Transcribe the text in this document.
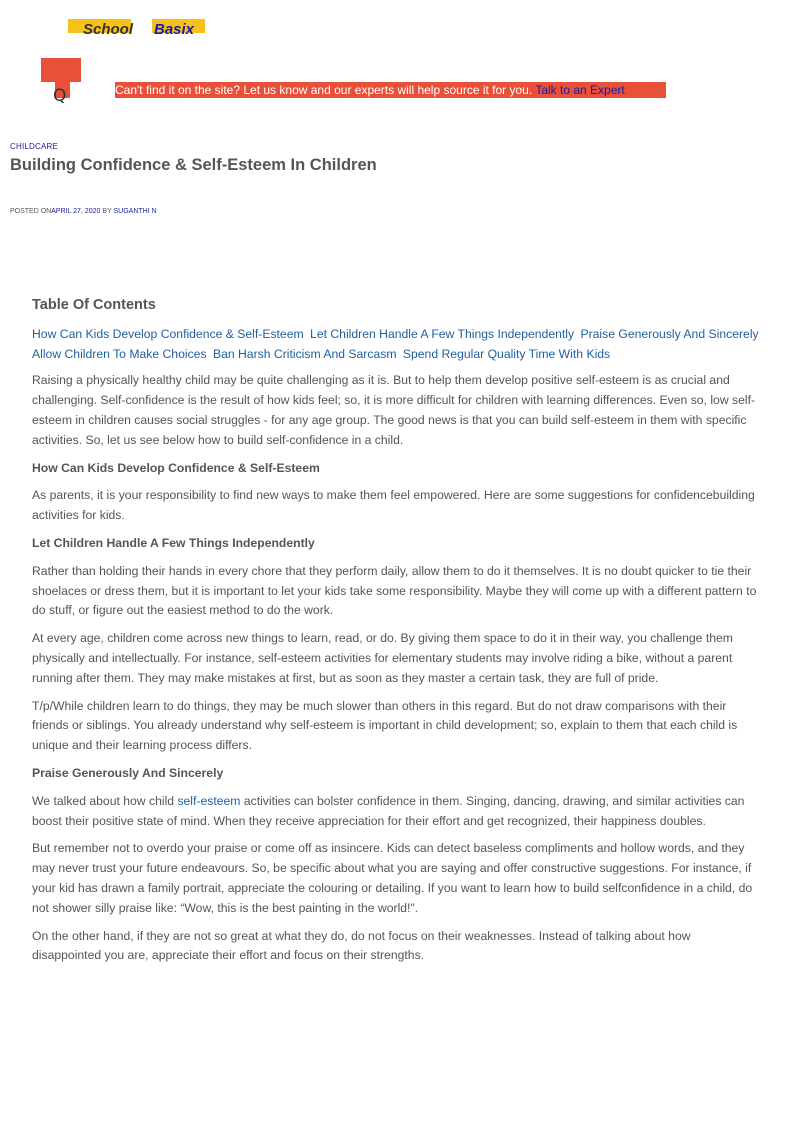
School Basix
Q	Can't find it on the site? Let us know and our experts will help source it for you. Talk to an Expert
CHILDCARE
Building Confidence & Self-Esteem In Children
POSTED ONAPRIL 27, 2020 BY SUGANTHI N
Table Of Contents
How Can Kids Develop Confidence & Self-Esteem Let Children Handle A Few Things Independently Praise Generously And Sincerely Allow Children To Make Choices Ban Harsh Criticism And Sarcasm Spend Regular Quality Time With Kids

Raising a physically healthy child may be quite challenging as it is. But to help them develop positive self-esteem is as crucial and challenging. Self-confidence is the result of how kids feel; so, it is more difficult for children with learning differences. Even so, low self-esteem in children causes social struggles - for any age group. The good news is that you can build self-esteem in them with specific activities. So, let us see below how to build self-confidence in a child.

How Can Kids Develop Confidence & Self-Esteem

As parents, it is your responsibility to find new ways to make them feel empowered. Here are some suggestions for confidencebuilding activities for kids.

Let Children Handle A Few Things Independently

Rather than holding their hands in every chore that they perform daily, allow them to do it themselves. It is no doubt quicker to tie their shoelaces or dress them, but it is important to let your kids take some responsibility. Maybe they will come up with a different pattern to do stuff, or figure out the easiest method to do the work.

At every age, children come across new things to learn, read, or do. By giving them space to do it in their way, you challenge them physically and intellectually. For instance, self-esteem activities for elementary students may involve riding a bike, without a parent running after them. They may make mistakes at first, but as soon as they master a certain task, they are full of pride.

T/p/While children learn to do things, they may be much slower than others in this regard. But do not draw comparisons with their friends or siblings. You already understand why self-esteem is important in child development; so, explain to them that each child is unique and their learning process differs.

Praise Generously And Sincerely

We talked about how child self-esteem activities can bolster confidence in them. Singing, dancing, drawing, and similar activities can boost their positive state of mind. When they receive appreciation for their effort and get recognized, their happiness doubles.

But remember not to overdo your praise or come off as insincere. Kids can detect baseless compliments and hollow words, and they may never trust your future endeavours. So, be specific about what you are saying and offer constructive suggestions. For instance, if your kid has drawn a family portrait, appreciate the colouring or detailing. If you want to learn how to build selfconfidence in a child, do not shower silly praise like: “Wow, this is the best painting in the world!".

On the other hand, if they are not so great at what they do, do not focus on their weaknesses. Instead of talking about how disappointed you are, appreciate their effort and focus on their strengths.
